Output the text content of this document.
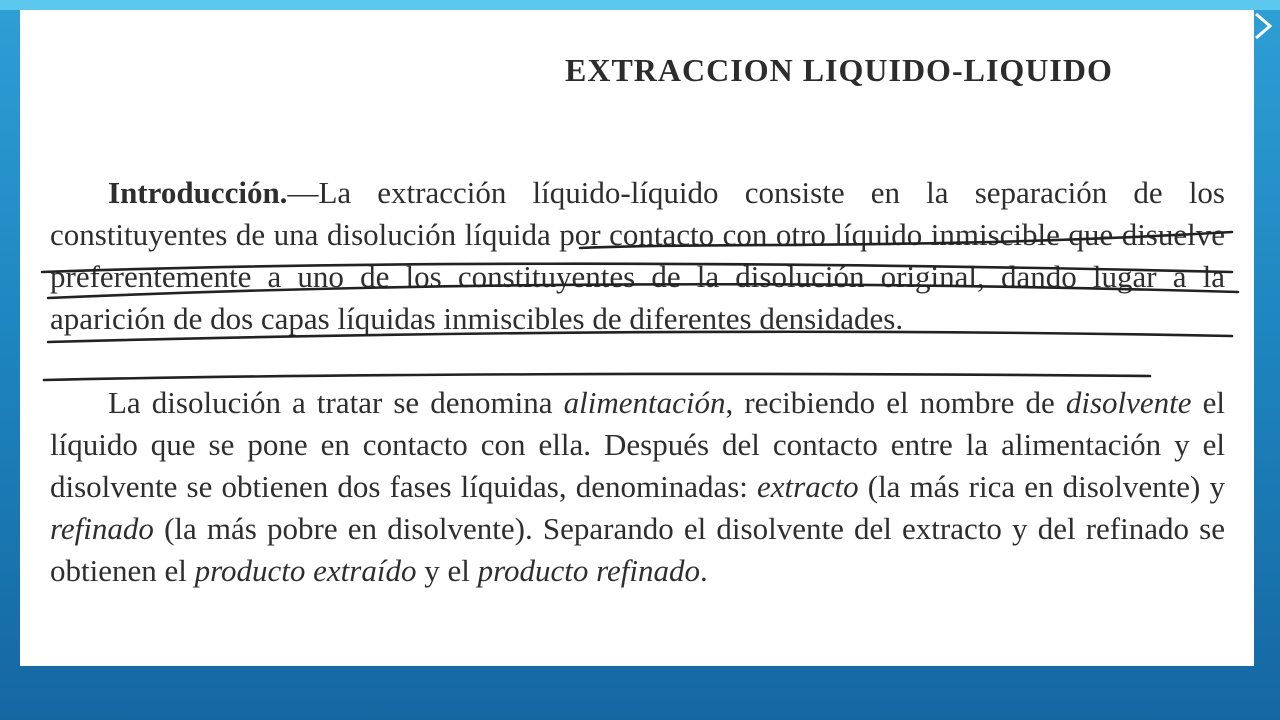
EXTRACCION LIQUIDO-LIQUIDO

Introducción.—La extracción líquido-líquido consiste en la separación de los constituyentes de una disolución líquida por contacto con otro líquido inmiscible que disuelve preferentemente a uno de los constituyentes de la disolución original, dando lugar a la aparición de dos capas líquidas inmiscibles de diferentes densidades.

La disolución a tratar se denomina alimentación, recibiendo el nombre de disolvente el líquido que se pone en contacto con ella. Después del contacto entre la alimentación y el disolvente se obtienen dos fases líquidas, denominadas: extracto (la más rica en disolvente) y refinado (la más pobre en disolvente). Separando el disolvente del extracto y del refinado se obtienen el producto extraído y el producto refinado.
